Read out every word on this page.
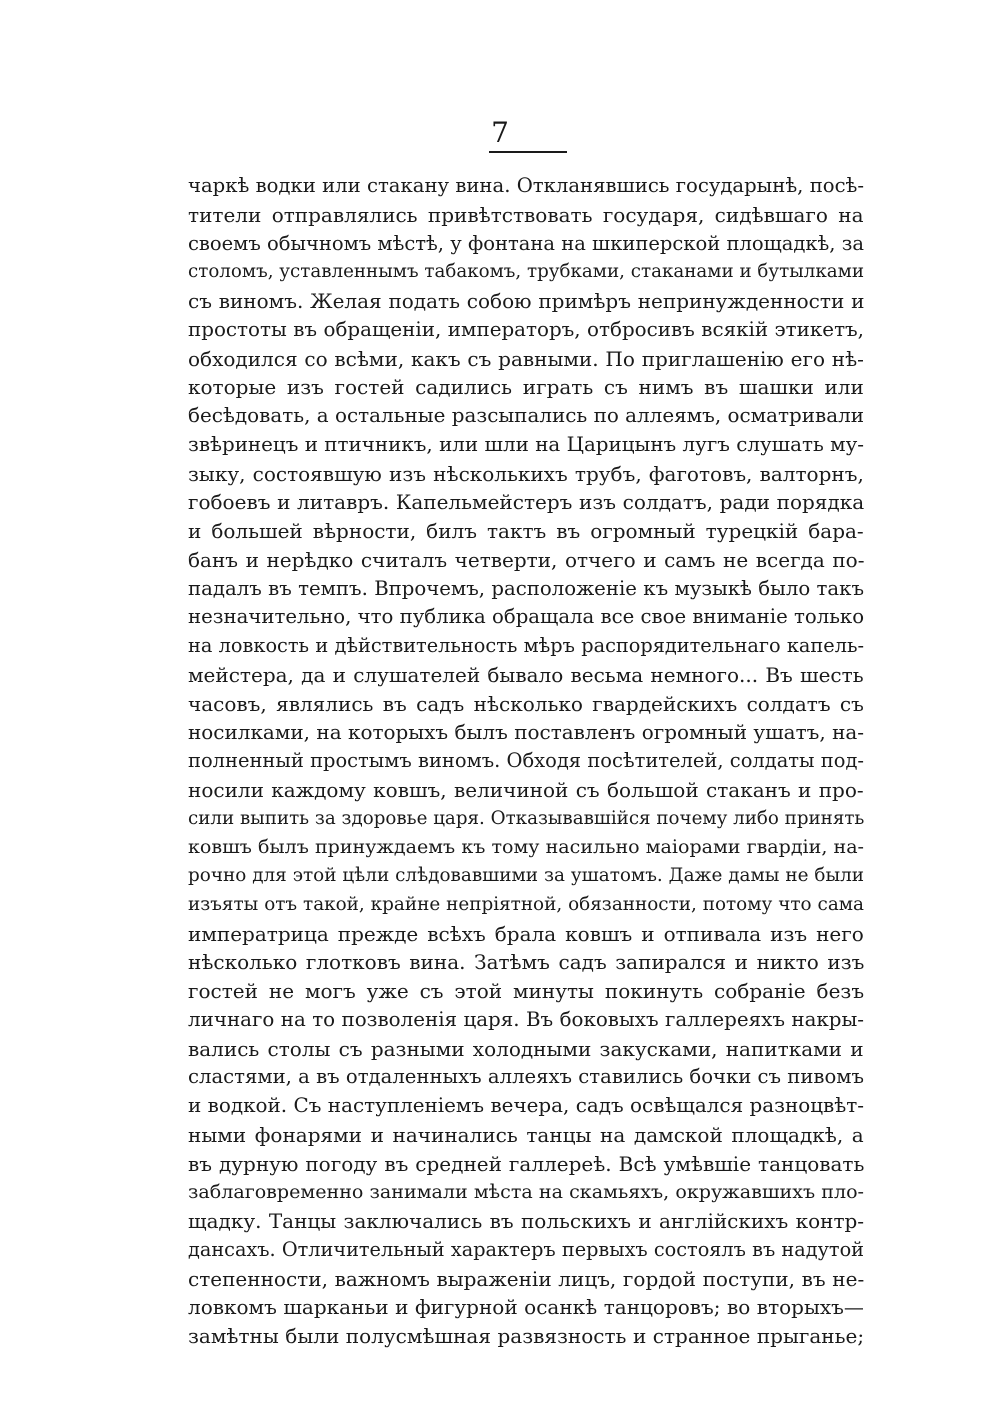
7
чаркѣ водки или стакану вина. Откланявшись государынѣ, посѣ-
тители отправлялись привѣтствовать государя, сидѣвшаго на
своемъ обычномъ мѣстѣ, у фонтана на шкиперской площадкѣ, за
столомъ, уставленнымъ табакомъ, трубками, стаканами и бутылками
съ виномъ. Желая подать собою примѣръ непринужденности и
простоты въ обращеніи, императоръ, отбросивъ всякій этикетъ,
обходился со всѣми, какъ съ равными. По приглашенію его нѣ-
которые изъ гостей садились играть съ нимъ въ шашки или
бесѣдовать, а остальные разсыпались по аллеямъ, осматривали
звѣринецъ и птичникъ, или шли на Царицынъ лугъ слушать му-
зыку, состоявшую изъ нѣсколькихъ трубъ, фаготовъ, валторнъ,
гобоевъ и литавръ. Капельмейстеръ изъ солдатъ, ради порядка
и большей вѣрности, билъ тактъ въ огромный турецкій бара-
банъ и нерѣдко считалъ четверти, отчего и самъ не всегда по-
падалъ въ темпъ. Впрочемъ, расположеніе къ музыкѣ было такъ
незначительно, что публика обращала все свое вниманіе только
на ловкость и дѣйствительность мѣръ распорядительнаго капель-
мейстера, да и слушателей бывало весьма немного... Въ шесть
часовъ, являлись въ садъ нѣсколько гвардейскихъ солдатъ съ
носилками, на которыхъ былъ поставленъ огромный ушатъ, на-
полненный простымъ виномъ. Обходя посѣтителей, солдаты под-
носили каждому ковшъ, величиной съ большой стаканъ и про-
сили выпить за здоровье царя. Отказывавшійся почему либо принять
ковшъ былъ принуждаемъ къ тому насильно маіорами гвардіи, на-
рочно для этой цѣли слѣдовавшими за ушатомъ. Даже дамы не были
изъяты отъ такой, крайне непріятной, обязанности, потому что сама
императрица прежде всѣхъ брала ковшъ и отпивала изъ него
нѣсколько глотковъ вина. Затѣмъ садъ запирался и никто изъ
гостей не могъ уже съ этой минуты покинуть собраніе безъ
личнаго на то позволенія царя. Въ боковыхъ галлереяхъ накры-
вались столы съ разными холодными закусками, напитками и
сластями, а въ отдаленныхъ аллеяхъ ставились бочки съ пивомъ
и водкой. Съ наступленіемъ вечера, садъ освѣщался разноцвѣт-
ными фонарями и начинались танцы на дамской площадкѣ, а
въ дурную погоду въ средней галлереѣ. Всѣ умѣвшіе танцовать
заблаговременно занимали мѣста на скамьяхъ, окружавшихъ пло-
щадку. Танцы заключались въ польскихъ и англійскихъ контр-
дансахъ. Отличительный характеръ первыхъ состоялъ въ надутой
степенности, важномъ выраженіи лицъ, гордой поступи, въ не-
ловкомъ шарканьи и фигурной осанкѣ танцоровъ; во вторыхъ—
замѣтны были полусмѣшная развязность и странное прыганье;
